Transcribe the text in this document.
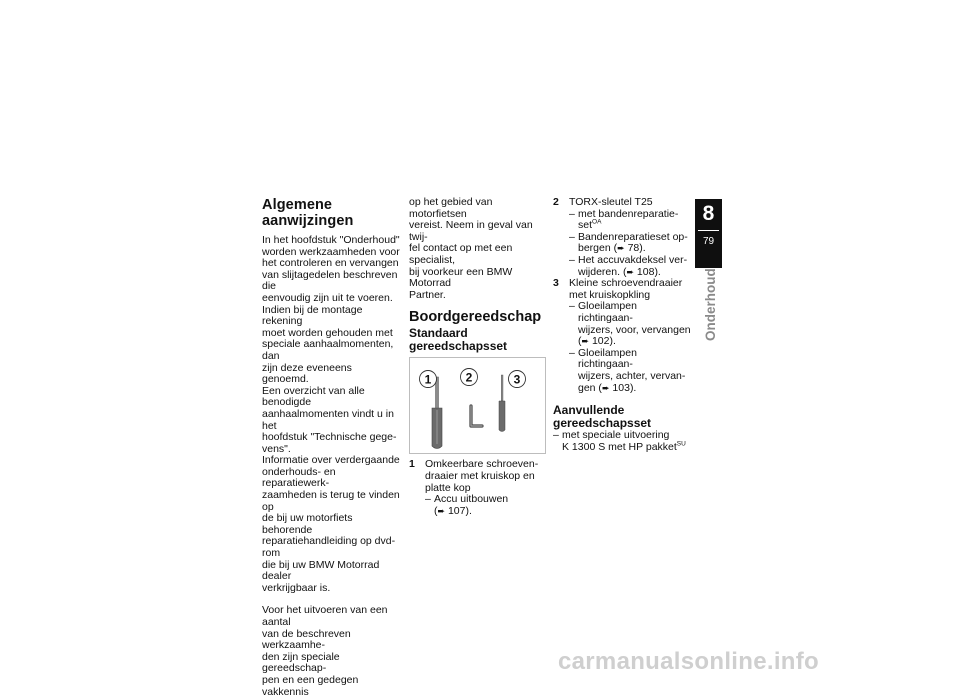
Algemene aanwijzingen

In het hoofdstuk "Onderhoud"
worden werkzaamheden voor
het controleren en vervangen
van slijtagedelen beschreven die
eenvoudig zijn uit te voeren.
Indien bij de montage rekening
moet worden gehouden met
speciale aanhaalmomenten, dan
zijn deze eveneens genoemd.
Een overzicht van alle benodigde
aanhaalmomenten vindt u in het
hoofdstuk "Technische gege-
vens".
Informatie over verdergaande
onderhouds- en reparatiewerk-
zaamheden is terug te vinden op
de bij uw motorfiets behorende
reparatiehandleiding op dvd-rom
die bij uw BMW Motorrad dealer
verkrijgbaar is.

Voor het uitvoeren van een aantal
van de beschreven werkzaamhe-
den zijn speciale gereedschap-
pen en een gedegen vakkennis

op het gebied van motorfietsen
vereist. Neem in geval van twij-
fel contact op met een specialist,
bij voorkeur een BMW Motorrad
Partner.

Boordgereedschap
Standaard
gereedschapsset
1	2	3
1 Omkeerbare schroeven-
draaier met kruiskop en
platte kop
– Accu uitbouwen
(➨ 107).
2 TORX-sleutel T25
– met bandenreparatie-
set$^{OA}$
– Bandenreparatieset op-
bergen (➨ 78).
– Het accuvakdeksel ver-
wijderen. (➨ 108).
3 Kleine schroevendraaier
met kruiskopkling
– Gloeilampen richtingaan-
wijzers, voor, vervangen
(➨ 102).
– Gloeilampen richtingaan-
wijzers, achter, vervan-
gen (➨ 103).
Aanvullende
gereedschapsset
– met speciale uitvoering
K 1300 S met HP pakket$^{SU}$
8
79
Onderhoud
carmanualsonline.info
